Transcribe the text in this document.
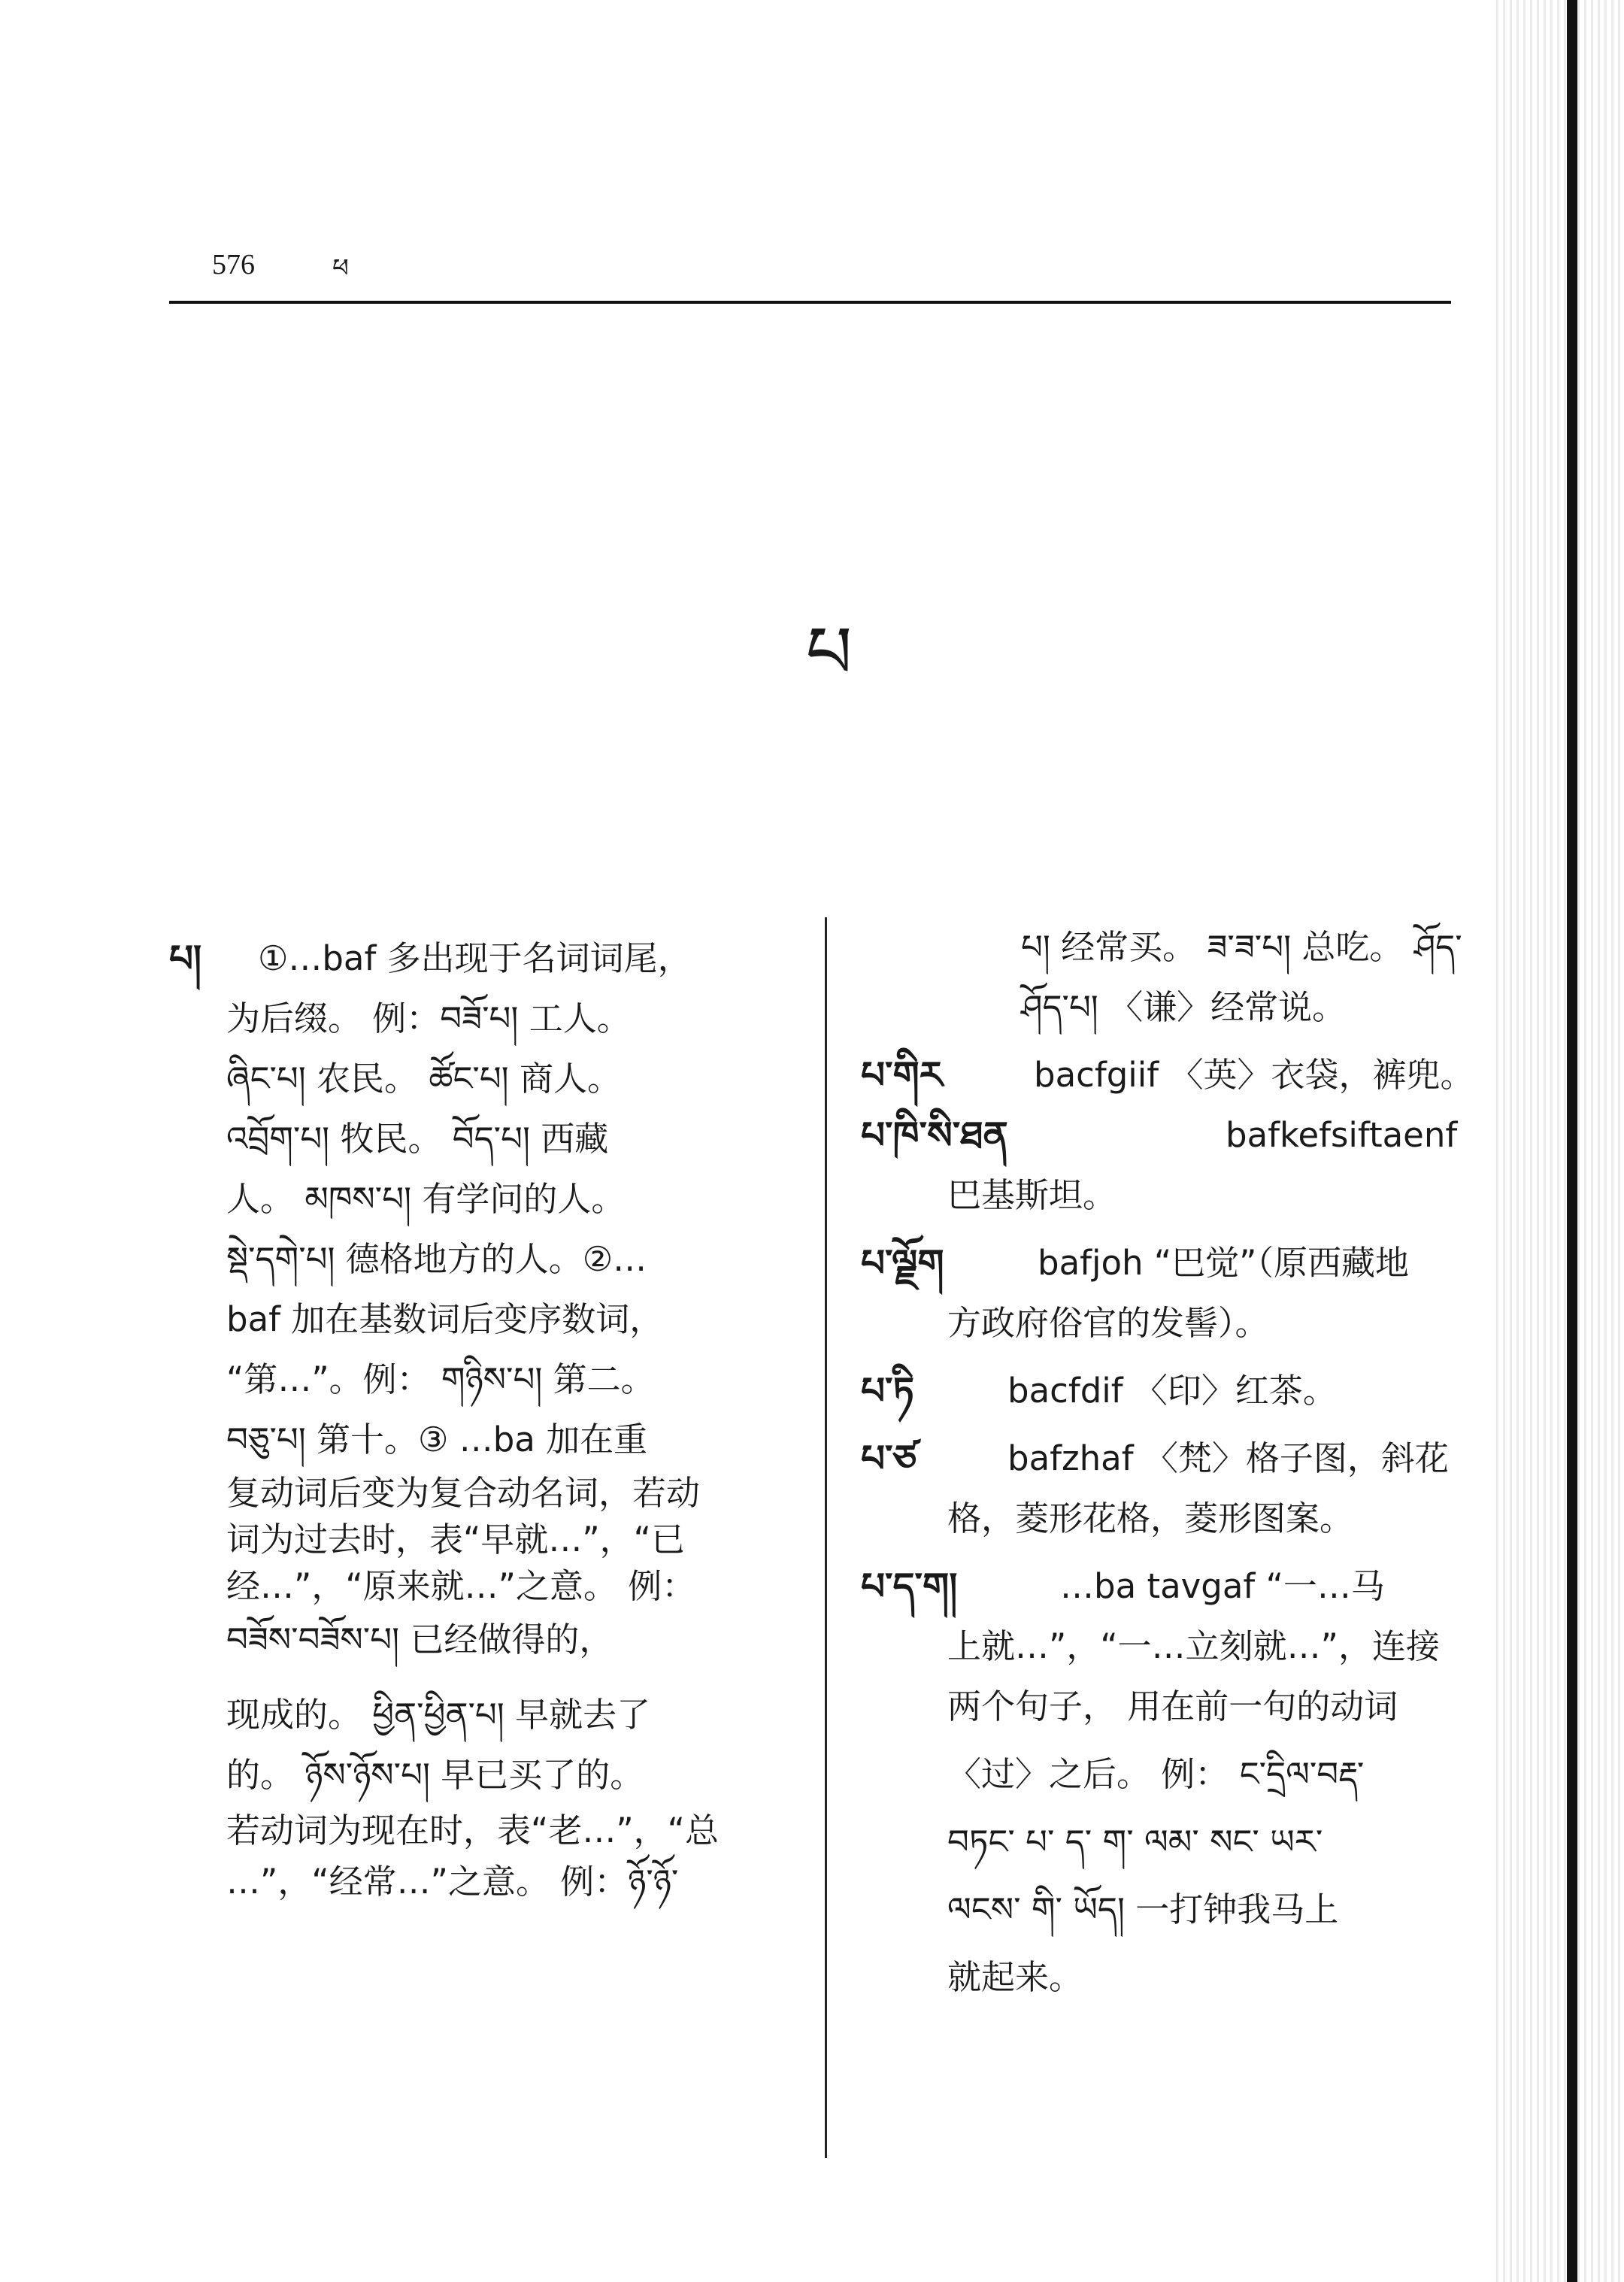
576	ཕ
པ
པ། ①…baf 多出现于名词词尾，
为后缀。 例：བཟོ་པ། 工人。
ཞིང་པ། 农民。 ཚོང་པ། 商人。
འབྲོག་པ། 牧民。 བོད་པ། 西藏
人。 མཁས་པ། 有学问的人。
སྡེ་དགེ་པ། 德格地方的人。②…
baf 加在基数词后变序数词，
“第…”。例： གཉིས་པ། 第二。
བཅུ་པ། 第十。③ …ba 加在重
复动词后变为复合动名词，若动
词为过去时，表“早就…”，“已
经…”，“原来就…”之意。 例：
བཟོས་བཟོས་པ། 已经做得的，
现成的。 ཕྱིན་ཕྱིན་པ། 早就去了
的。 ཉོས་ཉོས་པ། 早已买了的。
若动词为现在时，表“老…”，“总
…”，“经常…”之意。 例：ཉོ་ཉོ་
པ། 经常买。 ཟ་ཟ་པ། 总吃。 ཤོད་
ཤོད་པ། 〈谦〉经常说。
པ་གིར	bacfgiif 〈英〉衣袋，裤兜。
པ་ཁི་སི་ཐན	bafkefsiftaenf
巴基斯坦。
པ་ལྗོག	bafjoh “巴觉”（原西藏地
方政府俗官的发髻）。
པ་ཏི	bacfdif 〈印〉红茶。
པ་ཙ	bafzhaf 〈梵〉格子图，斜花
格，菱形花格，菱形图案。
པ་ད་ག།	…ba tavgaf “一…马
上就…”，“一…立刻就…”，连接
两个句子， 用在前一句的动词
〈过〉之后。 例： ང་དྲིལ་བརྡ་
བཏང་ པ་ ད་ ག་ ལམ་ སང་ ཡར་
ལངས་ གི་ ཡོད། 一打钟我马上
就起来。
